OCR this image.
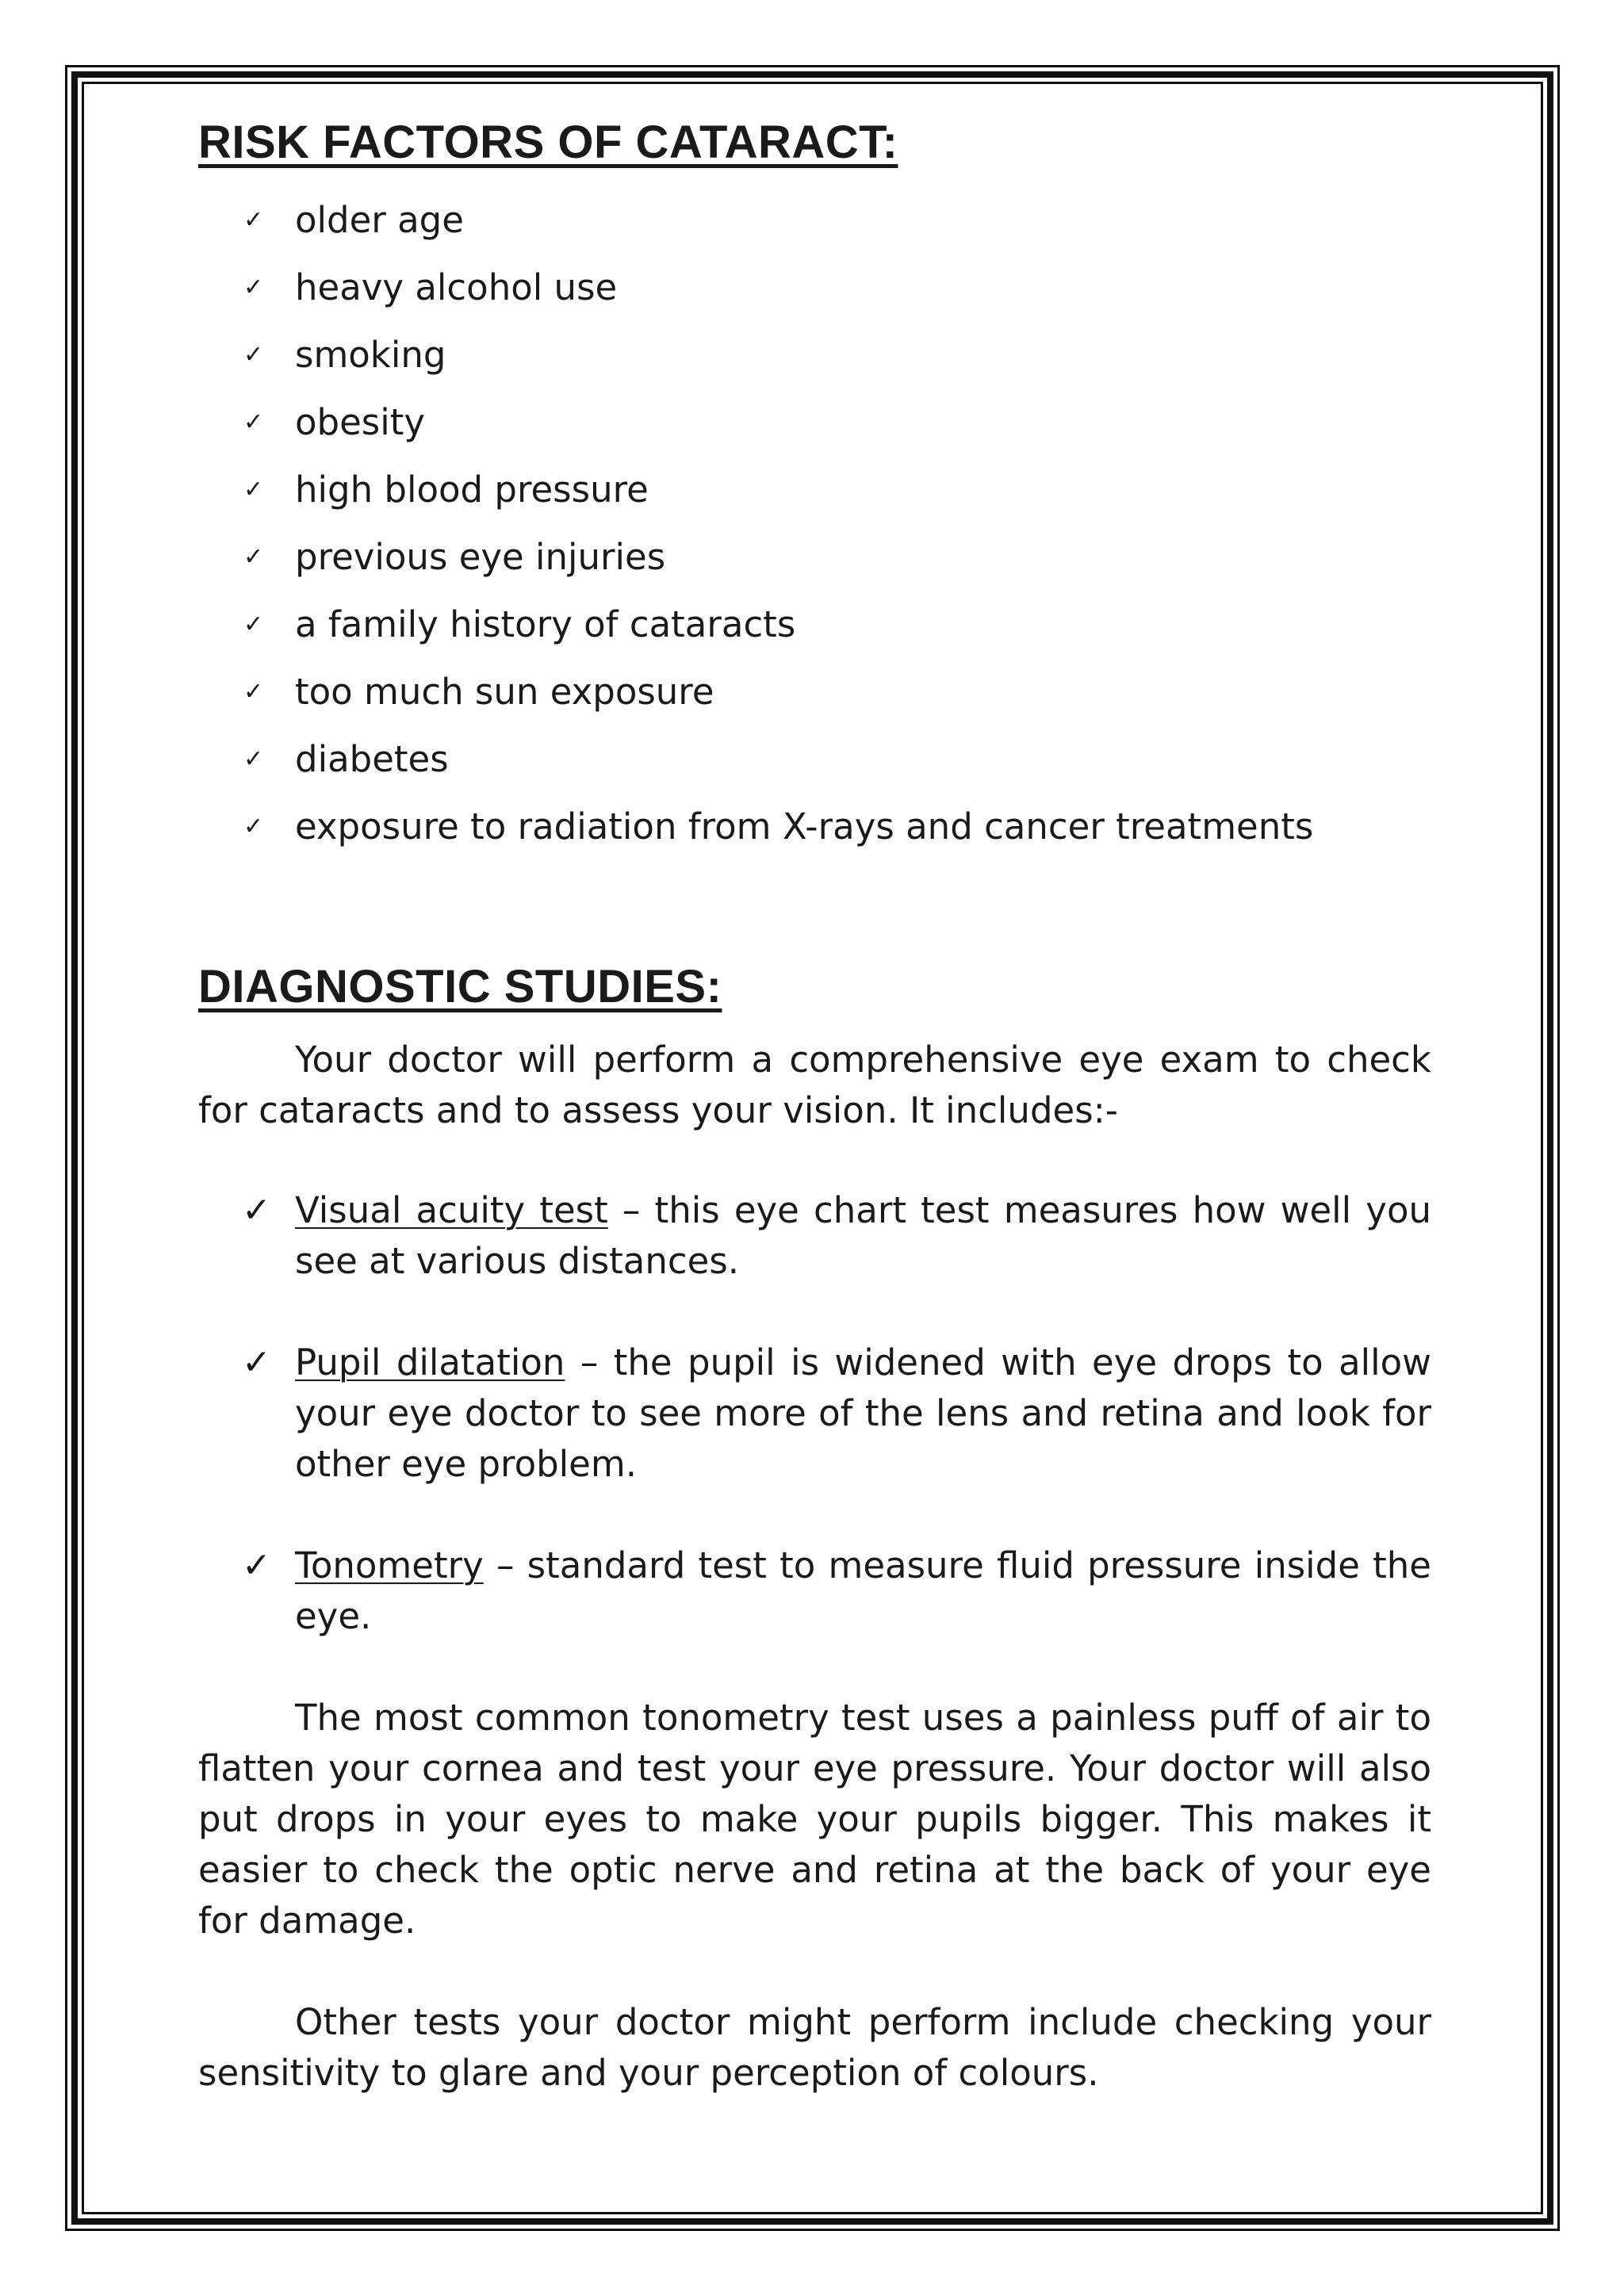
RISK FACTORS OF CATARACT:
✓ older age
✓ heavy alcohol use
✓ smoking
✓ obesity
✓ high blood pressure
✓ previous eye injuries
✓ a family history of cataracts
✓ too much sun exposure
✓ diabetes
✓ exposure to radiation from X-rays and cancer treatments
DIAGNOSTIC STUDIES:

Your doctor will perform a comprehensive eye exam to check for cataracts and to assess your vision. It includes:-

✓ Visual acuity test – this eye chart test measures how well you see at various distances.
✓ Pupil dilatation – the pupil is widened with eye drops to allow your eye doctor to see more of the lens and retina and look for other eye problem.
✓ Tonometry – standard test to measure fluid pressure inside the eye.

The most common tonometry test uses a painless puff of air to flatten your cornea and test your eye pressure. Your doctor will also put drops in your eyes to make your pupils bigger. This makes it easier to check the optic nerve and retina at the back of your eye for damage.

Other tests your doctor might perform include checking your sensitivity to glare and your perception of colours.
